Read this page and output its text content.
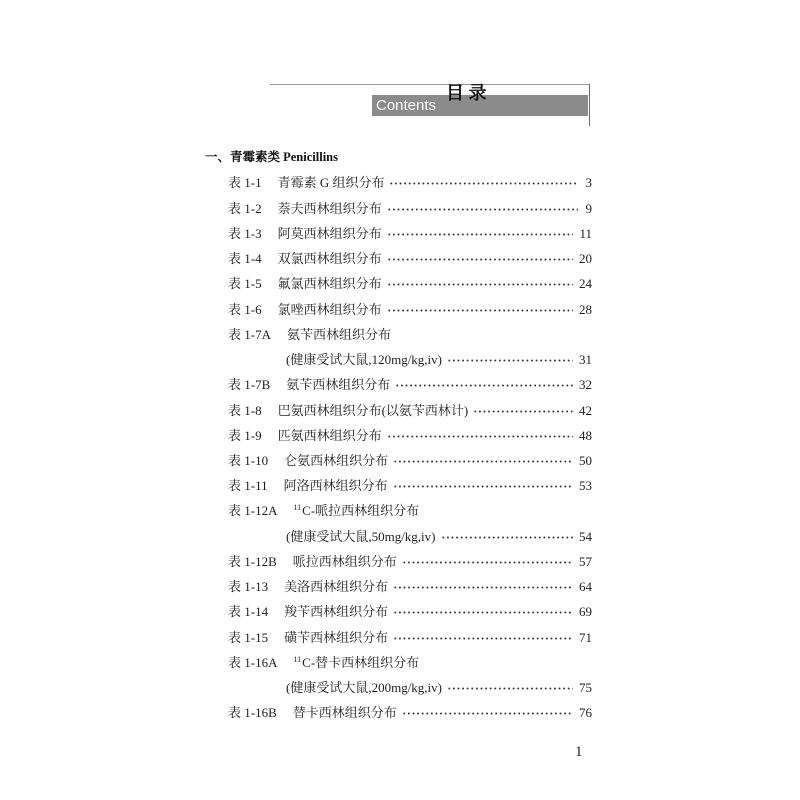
Contents
目 录
一、青霉素类 Penicillins
表 1-1 青霉素 G 组织分布	3
表 1-2 萘夫西林组织分布	9
表 1-3 阿莫西林组织分布	11
表 1-4 双氯西林组织分布	20
表 1-5 氟氯西林组织分布	24
表 1-6 氯唑西林组织分布	28
表 1-7A 氨苄西林组织分布
(健康受试大鼠,120mg/kg,iv)	31
表 1-7B 氨苄西林组织分布	32
表 1-8 巴氨西林组织分布(以氨苄西林计)	42
表 1-9 匹氨西林组织分布	48
表 1-10 仑氨西林组织分布	50
表 1-11 阿洛西林组织分布	53
表 1-12A $^{11}$C-哌拉西林组织分布
(健康受试大鼠,50mg/kg,iv)	54
表 1-12B 哌拉西林组织分布	57
表 1-13 美洛西林组织分布	64
表 1-14 羧苄西林组织分布	69
表 1-15 磺苄西林组织分布	71
表 1-16A $^{11}$C-替卡西林组织分布
(健康受试大鼠,200mg/kg,iv)	75
表 1-16B 替卡西林组织分布	76
1
